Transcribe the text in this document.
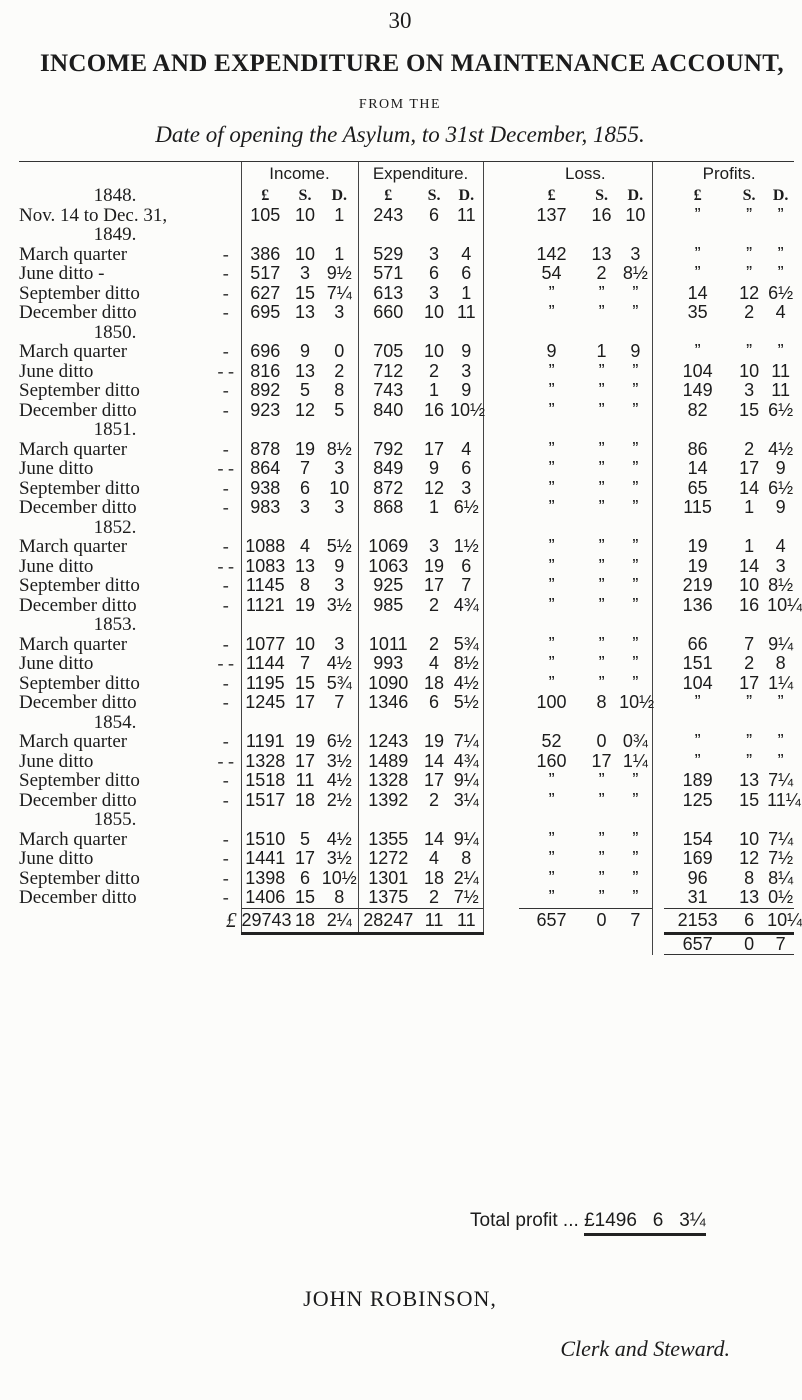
30
INCOME AND EXPENDITURE ON MAINTENANCE ACCOUNT,
FROM THE
Date of opening the Asylum, to 31st December, 1855.
		Income.			Expenditure.				Loss.				Profits.		
1848.		£	S.	D.	£	S.	D.		£	S.	D.		£	S.	D.
Nov. 14 to Dec. 31,		105	10	1	243	6	11		137	16	10		”	”	”
1849.															
March quarter	-	386	10	1	529	3	4		142	13	3		”	”	”
June ditto -	-	517	3	9½	571	6	6		54	2	8½		”	”	”
September ditto	-	627	15	7¼	613	3	1		”	”	”		14	12	6½
December ditto	-	695	13	3	660	10	11		”	”	”		35	2	4
1850.															
March quarter	-	696	9	0	705	10	9		9	1	9		”	”	”
June ditto	- -	816	13	2	712	2	3		”	”	”		104	10	11
September ditto	-	892	5	8	743	1	9		”	”	”		149	3	11
December ditto	-	923	12	5	840	16	10½		”	”	”		82	15	6½
1851.															
March quarter	-	878	19	8½	792	17	4		”	”	”		86	2	4½
June ditto	- -	864	7	3	849	9	6		”	”	”		14	17	9
September ditto	-	938	6	10	872	12	3		”	”	”		65	14	6½
December ditto	-	983	3	3	868	1	6½		”	”	”		115	1	9
1852.															
March quarter	-	1088	4	5½	1069	3	1½		”	”	”		19	1	4
June ditto	- -	1083	13	9	1063	19	6		”	”	”		19	14	3
September ditto	-	1145	8	3	925	17	7		”	”	”		219	10	8½
December ditto	-	1121	19	3½	985	2	4¾		”	”	”		136	16	10¼
1853.															
March quarter	-	1077	10	3	1011	2	5¾		”	”	”		66	7	9¼
June ditto	- -	1144	7	4½	993	4	8½		”	”	”		151	2	8
September ditto	-	1195	15	5¾	1090	18	4½		”	”	”		104	17	1¼
December ditto	-	1245	17	7	1346	6	5½		100	8	10½		”	”	”
1854.															
March quarter	-	1191	19	6½	1243	19	7¼		52	0	0¾		”	”	”
June ditto	- -	1328	17	3½	1489	14	4¾		160	17	1¼		”	”	”
September ditto	-	1518	11	4½	1328	17	9¼		”	”	”		189	13	7¼
December ditto	-	1517	18	2½	1392	2	3¼		”	”	”		125	15	11¼
1855.															
March quarter	-	1510	5	4½	1355	14	9¼		”	”	”		154	10	7¼
June ditto	-	1441	17	3½	1272	4	8		”	”	”		169	12	7½
September ditto	-	1398	6	10½	1301	18	2¼		”	”	”		96	8	8¼
December ditto	-	1406	15	8	1375	2	7½		”	”	”		31	13	0½
£		29743	18	2¼	28247	11	11		657	0	7		2153	6	10¼
													657	0	7
Total profit ... £1496 6 3¼
JOHN ROBINSON,
Clerk and Steward.
